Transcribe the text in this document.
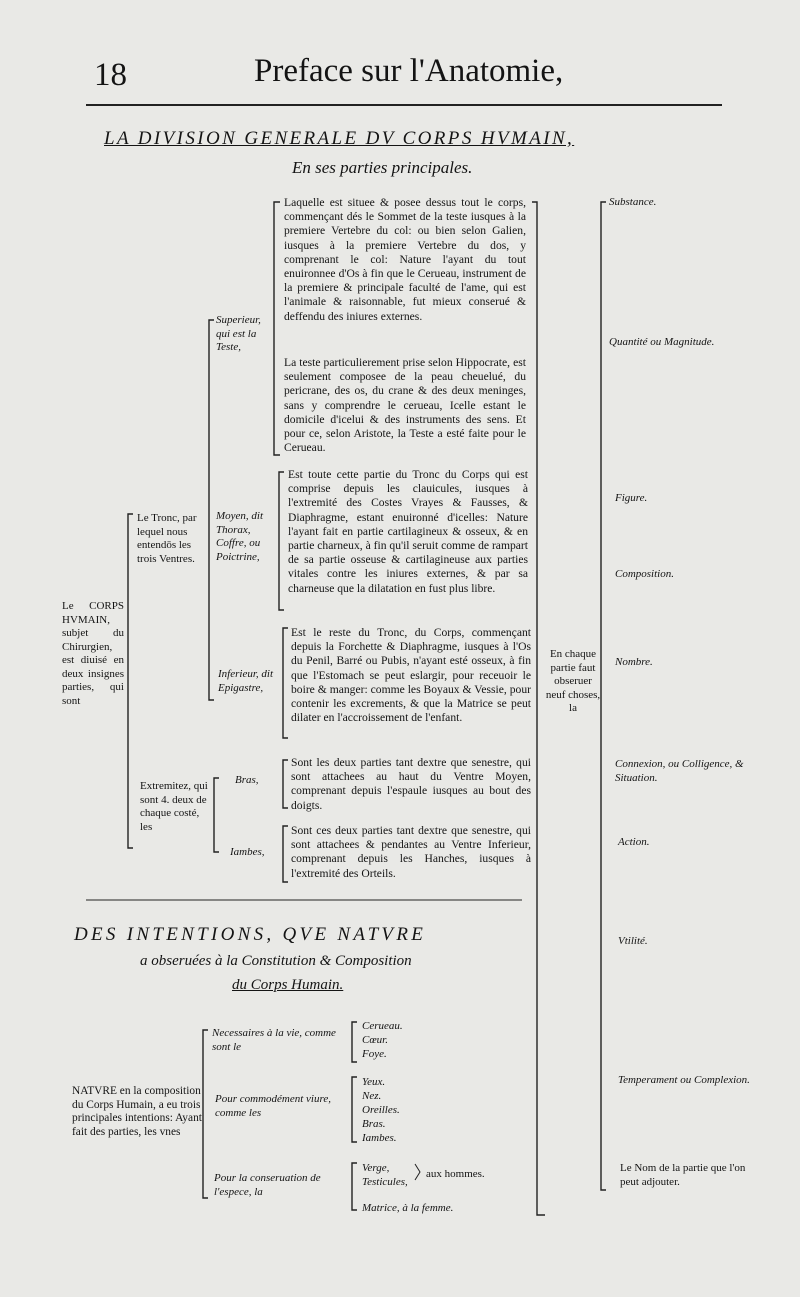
18	Preface sur l'Anatomie,
LA DIVISION GENERALE DV CORPS HVMAIN,
En ses parties principales.
Le CORPS HVMAIN, subjet du Chirurgien, est diuisé en deux insignes parties, qui sont
Le Tronc, par lequel nous entendōs les trois Ventres.
Superieur, qui est la Teste,
Laquelle est situee & posee dessus tout le corps, commençant dés le Sommet de la teste iusques à la premiere Vertebre du col: ou bien selon Galien, iusques à la premiere Vertebre du dos, y comprenant le col: Nature l'ayant du tout enuironnee d'Os à fin que le Cerueau, instrument de la premiere & principale faculté de l'ame, qui est l'animale & raisonnable, fut mieux conserué & deffendu des iniures externes.
La teste particulierement prise selon Hippocrate, est seulement composee de la peau cheuelué, du pericrane, des os, du crane & des deux meninges, sans y comprendre le cerueau, Icelle estant le domicile d'icelui & des instruments des sens. Et pour ce, selon Aristote, la Teste a esté faite pour le Cerueau.
Moyen, dit Thorax, Coffre, ou Poictrine,
Est toute cette partie du Tronc du Corps qui est comprise depuis les clauicules, iusques à l'extremité des Costes Vrayes & Fausses, & Diaphragme, estant enuironné d'icelles: Nature l'ayant fait en partie cartilagineux & osseux, & en partie charneux, à fin qu'il seruit comme de rampart de sa partie osseuse & cartilagineuse aux parties vitales contre les iniures externes, & par sa charneuse que la dilatation en fust plus libre.
Inferieur, dit Epigastre,
Est le reste du Tronc, du Corps, commençant depuis la Forchette & Diaphragme, iusques à l'Os du Penil, Barré ou Pubis, n'ayant esté osseux, à fin que l'Estomach se peut eslargir, pour receuoir le boire & manger: comme les Boyaux & Vessie, pour contenir les excrements, & que la Matrice se peut dilater en l'accroissement de l'enfant.
Extremitez, qui sont 4. deux de chaque costé, les
Bras,
Sont les deux parties tant dextre que senestre, qui sont attachees au haut du Ventre Moyen, comprenant depuis l'espaule iusques au bout des doigts.
Iambes,
Sont ces deux parties tant dextre que senestre, qui sont attachees & pendantes au Ventre Inferieur, comprenant depuis les Hanches, iusques à l'extremité des Orteils.
En chaque partie faut obseruer neuf choses, la
Substance.
Quantité ou Magnitude.
Figure.
Composition.
Nombre.
Connexion, ou Colligence, & Situation.
Action.
Vtilité.
Temperament ou Complexion.
Le Nom de la partie que l'on peut adjouter.
DES INTENTIONS, QVE NATVRE
a obseruées à la Constitution & Composition
du Corps Humain.
NATVRE en la composition du Corps Humain, a eu trois principales intentions: Ayant fait des parties, les vnes
Necessaires à la vie, comme sont le
Cerueau.
Cœur.
Foye.
Pour commodément viure, comme les
Yeux.
Nez.
Oreilles.
Bras.
Iambes.
Pour la conseruation de l'espece, la
Verge,
Testicules,
aux hommes.
Matrice, à la femme.
